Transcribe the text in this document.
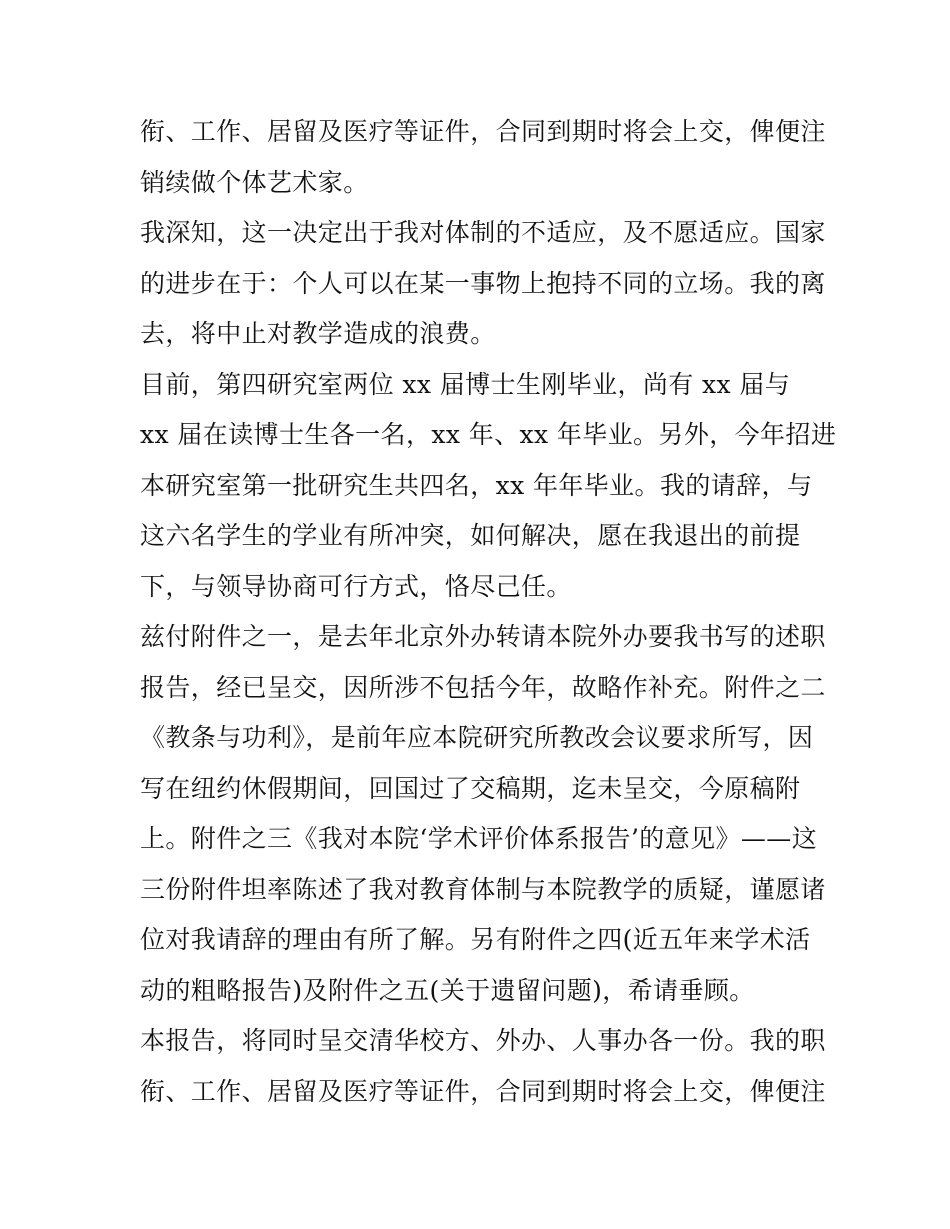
衔、工作、居留及医疗等证件，合同到期时将会上交，俾便注
销续做个体艺术家。
我深知，这一决定出于我对体制的不适应，及不愿适应。国家
的进步在于：个人可以在某一事物上抱持不同的立场。我的离
去，将中止对教学造成的浪费。
目前，第四研究室两位 xx 届博士生刚毕业，尚有 xx 届与
xx 届在读博士生各一名，xx 年、xx 年毕业。另外，今年招进
本研究室第一批研究生共四名，xx 年年毕业。我的请辞，与
这六名学生的学业有所冲突，如何解决，愿在我退出的前提
下，与领导协商可行方式，恪尽己任。
兹付附件之一，是去年北京外办转请本院外办要我书写的述职
报告，经已呈交，因所涉不包括今年，故略作补充。附件之二
《教条与功利》，是前年应本院研究所教改会议要求所写，因
写在纽约休假期间，回国过了交稿期，迄未呈交，今原稿附
上。附件之三《我对本院‘学术评价体系报告’的意见》——这
三份附件坦率陈述了我对教育体制与本院教学的质疑，谨愿诸
位对我请辞的理由有所了解。另有附件之四(近五年来学术活
动的粗略报告)及附件之五(关于遗留问题)，希请垂顾。
本报告，将同时呈交清华校方、外办、人事办各一份。我的职
衔、工作、居留及医疗等证件，合同到期时将会上交，俾便注
